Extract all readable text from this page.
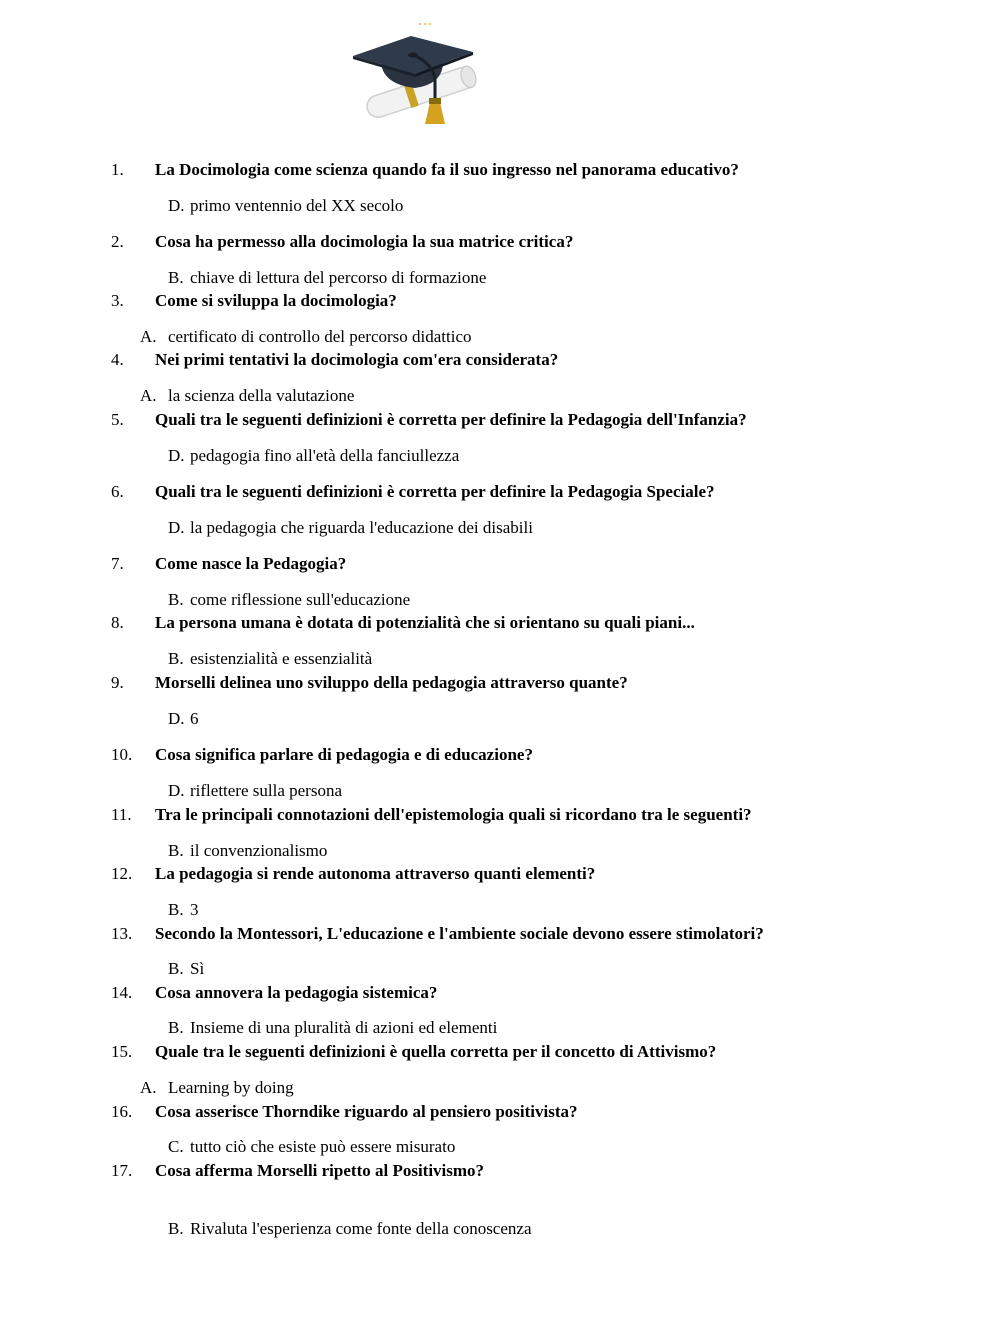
1. La Docimologia come scienza quando fa il suo ingresso nel panorama educativo?
D. primo ventennio del XX secolo
2. Cosa ha permesso alla docimologia la sua matrice critica?
B. chiave di lettura del percorso di formazione
3. Come si sviluppa la docimologia?
A. certificato di controllo del percorso didattico
4. Nei primi tentativi la docimologia com'era considerata?
A. la scienza della valutazione
5. Quali tra le seguenti definizioni è corretta per definire la Pedagogia dell'Infanzia?
D. pedagogia fino all'età della fanciullezza
6. Quali tra le seguenti definizioni è corretta per definire la Pedagogia Speciale?
D. la pedagogia che riguarda l'educazione dei disabili
7. Come nasce la Pedagogia?
B. come riflessione sull'educazione
8. La persona umana è dotata di potenzialità che si orientano su quali piani...
B. esistenzialità e essenzialità
9. Morselli delinea uno sviluppo della pedagogia attraverso quante?
D. 6
10. Cosa significa parlare di pedagogia e di educazione?
D. riflettere sulla persona
11. Tra le principali connotazioni dell'epistemologia quali si ricordano tra le seguenti?
B. il convenzionalismo
12. La pedagogia si rende autonoma attraverso quanti elementi?
B. 3
13. Secondo la Montessori, L'educazione e l'ambiente sociale devono essere stimolatori?
B. Sì
14. Cosa annovera la pedagogia sistemica?
B. Insieme di una pluralità di azioni ed elementi
15. Quale tra le seguenti definizioni è quella corretta per il concetto di Attivismo?
A. Learning by doing
16. Cosa asserisce Thorndike riguardo al pensiero positivista?
C. tutto ciò che esiste può essere misurato
17. Cosa afferma Morselli ripetto al Positivismo?
B. Rivaluta l'esperienza come fonte della conoscenza
